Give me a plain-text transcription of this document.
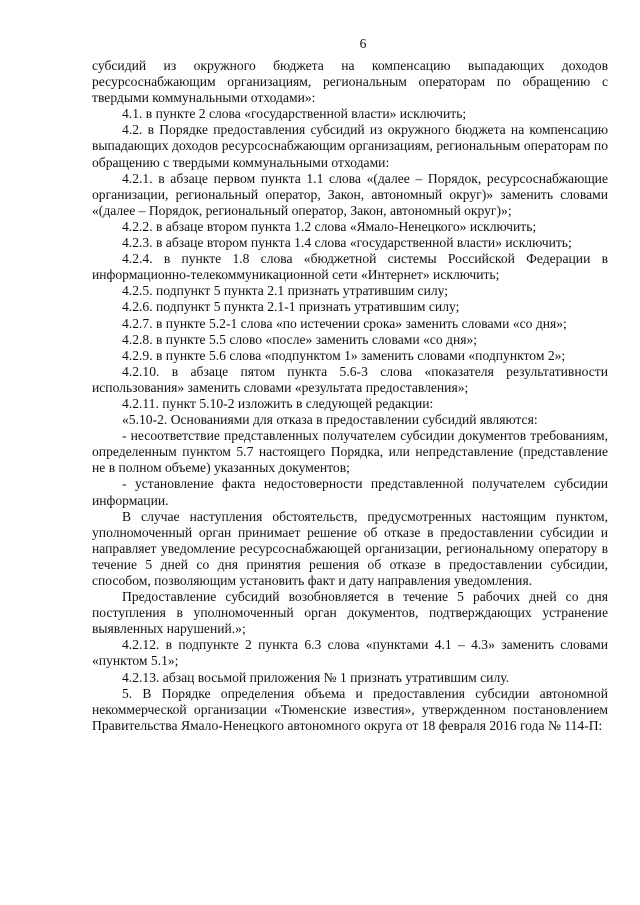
6

субсидий из окружного бюджета на компенсацию выпадающих доходов ресурсоснабжающим организациям, региональным операторам по обращению с твердыми коммунальными отходами»:

4.1. в пункте 2 слова «государственной власти» исключить;

4.2. в Порядке предоставления субсидий из окружного бюджета на компенсацию выпадающих доходов ресурсоснабжающим организациям, региональным операторам по обращению с твердыми коммунальными отходами:

4.2.1. в абзаце первом пункта 1.1 слова «(далее – Порядок, ресурсоснабжающие организации, региональный оператор, Закон, автономный округ)» заменить словами «(далее – Порядок, региональный оператор, Закон, автономный округ)»;

4.2.2. в абзаце втором пункта 1.2 слова «Ямало-Ненецкого» исключить;

4.2.3. в абзаце втором пункта 1.4 слова «государственной власти» исключить;

4.2.4. в пункте 1.8 слова «бюджетной системы Российской Федерации в информационно-телекоммуникационной сети «Интернет» исключить;

4.2.5. подпункт 5 пункта 2.1 признать утратившим силу;

4.2.6. подпункт 5 пункта 2.1-1 признать утратившим силу;

4.2.7. в пункте 5.2-1 слова «по истечении срока» заменить словами «со дня»;

4.2.8. в пункте 5.5 слово «после» заменить словами «со дня»;

4.2.9. в пункте 5.6 слова «подпунктом 1» заменить словами «подпунктом 2»;

4.2.10. в абзаце пятом пункта 5.6-3 слова «показателя результативности использования» заменить словами «результата предоставления»;

4.2.11. пункт 5.10-2 изложить в следующей редакции:

«5.10-2. Основаниями для отказа в предоставлении субсидий являются:

- несоответствие представленных получателем субсидии документов требованиям, определенным пунктом 5.7 настоящего Порядка, или непредставление (представление не в полном объеме) указанных документов;

- установление факта недостоверности представленной получателем субсидии информации.

В случае наступления обстоятельств, предусмотренных настоящим пунктом, уполномоченный орган принимает решение об отказе в предоставлении субсидии и направляет уведомление ресурсоснабжающей организации, региональному оператору в течение 5 дней со дня принятия решения об отказе в предоставлении субсидии, способом, позволяющим установить факт и дату направления уведомления.

Предоставление субсидий возобновляется в течение 5 рабочих дней со дня поступления в уполномоченный орган документов, подтверждающих устранение выявленных нарушений.»;

4.2.12. в подпункте 2 пункта 6.3 слова «пунктами 4.1 – 4.3» заменить словами «пунктом 5.1»;

4.2.13. абзац восьмой приложения № 1 признать утратившим силу.

5. В Порядке определения объема и предоставления субсидии автономной некоммерческой организации «Тюменские известия», утвержденном постановлением Правительства Ямало-Ненецкого автономного округа от 18 февраля 2016 года № 114-П:
